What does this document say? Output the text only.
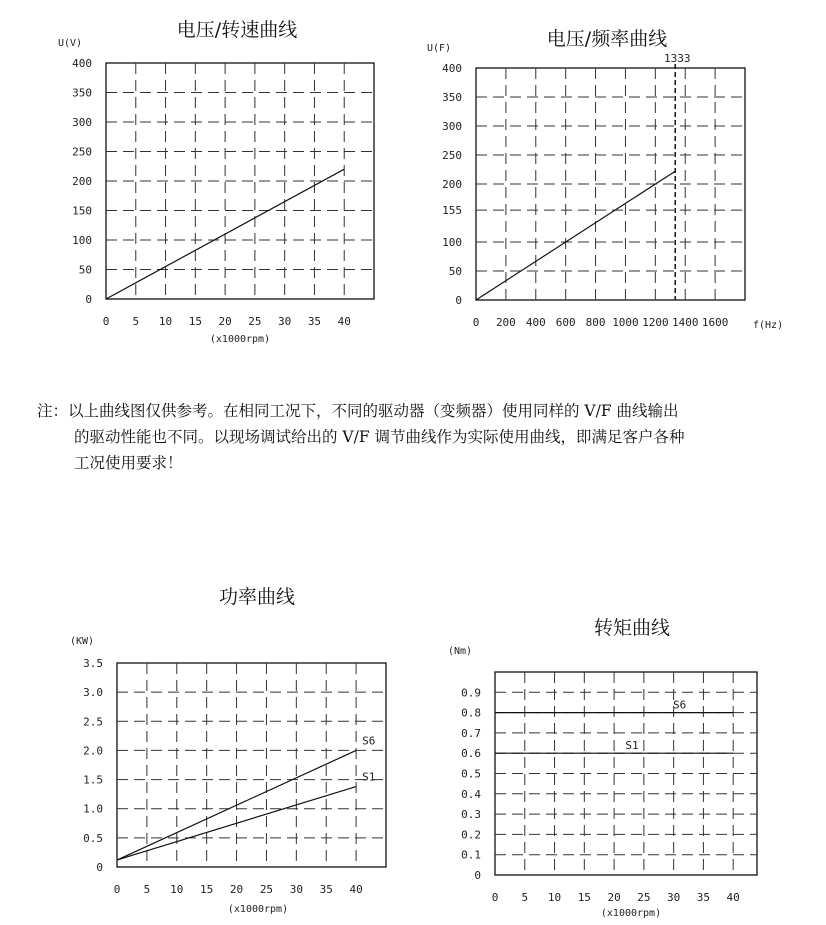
电压/转速曲线
U(V)
0 5 10 15 20 25 30 35 40
0
50
100
150
200
250
300
350
400
(x1000rpm)
电压/频率曲线
U(F)
0 200 400 600 800 1000 1200 1400 1600
0
50
100
155
200
250
300
350
400
f(Hz)
1333
功率曲线
(KW)
0 5 10 15 20 25 30 35 40
0
0.5
1.0
1.5
2.0
2.5
3.0
3.5
(x1000rpm)
S6
S1
转矩曲线
(Nm)
0 5 10 15 20 25 30 35 40
0
0.1
0.2
0.3
0.4
0.5
0.6
0.7
0.8
0.9
(x1000rpm)
S6
S1
注：以上曲线图仅供参考。在相同工况下，不同的驱动器（变频器）使用同样的 V/F 曲线输出
的驱动性能也不同。以现场调试给出的 V/F 调节曲线作为实际使用曲线，即满足客户各种
工况使用要求！
